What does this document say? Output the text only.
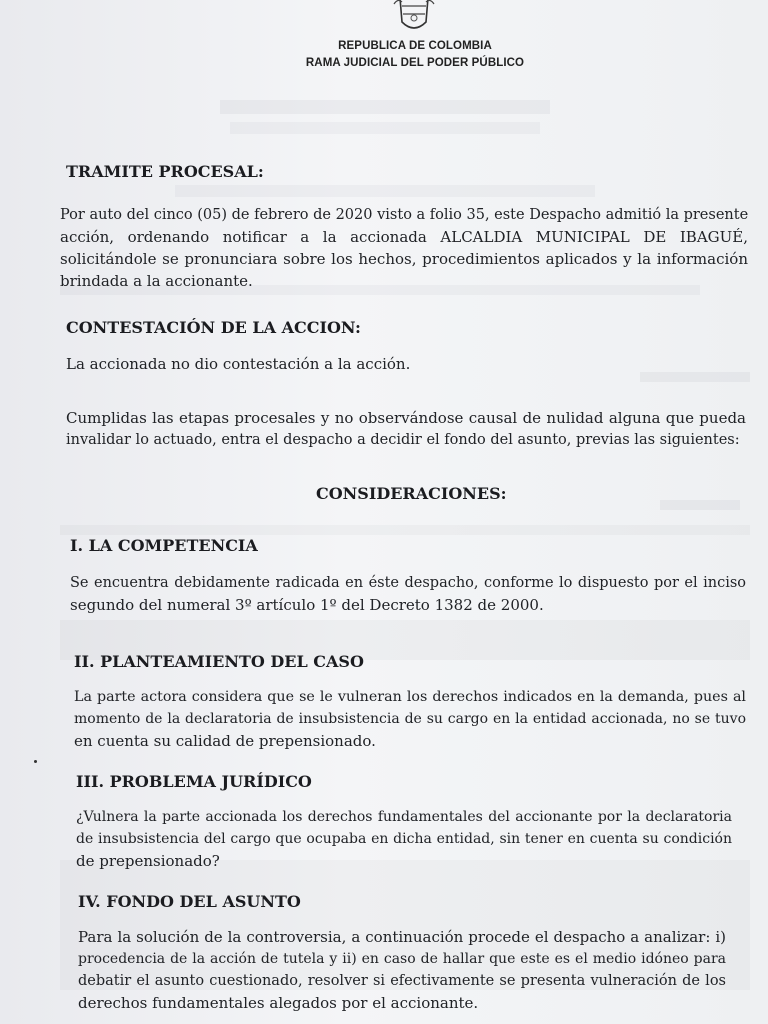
REPUBLICA DE COLOMBIA
RAMA JUDICIAL DEL PODER PÚBLICO
TRAMITE PROCESAL:
Por auto del cinco (05) de febrero de 2020 visto a folio 35, este Despacho admitió la presente
acción, ordenando notificar a la accionada ALCALDIA MUNICIPAL DE IBAGUÉ,
solicitándole se pronunciara sobre los hechos, procedimientos aplicados y la información
brindada a la accionante.
CONTESTACIÓN DE LA ACCION:
La accionada no dio contestación a la acción.
Cumplidas las etapas procesales y no observándose causal de nulidad alguna que pueda
invalidar lo actuado, entra el despacho a decidir el fondo del asunto, previas las siguientes:
CONSIDERACIONES:
I. LA COMPETENCIA
Se encuentra debidamente radicada en éste despacho, conforme lo dispuesto por el inciso
segundo del numeral 3º artículo 1º del Decreto 1382 de 2000.
II. PLANTEAMIENTO DEL CASO
La parte actora considera que se le vulneran los derechos indicados en la demanda, pues al
momento de la declaratoria de insubsistencia de su cargo en la entidad accionada, no se tuvo
en cuenta su calidad de prepensionado.
III. PROBLEMA JURÍDICO
¿Vulnera la parte accionada los derechos fundamentales del accionante por la declaratoria
de insubsistencia del cargo que ocupaba en dicha entidad, sin tener en cuenta su condición
de prepensionado?
IV. FONDO DEL ASUNTO
Para la solución de la controversia, a continuación procede el despacho a analizar: i)
procedencia de la acción de tutela y ii) en caso de hallar que este es el medio idóneo para
debatir el asunto cuestionado, resolver si efectivamente se presenta vulneración de los
derechos fundamentales alegados por el accionante.
